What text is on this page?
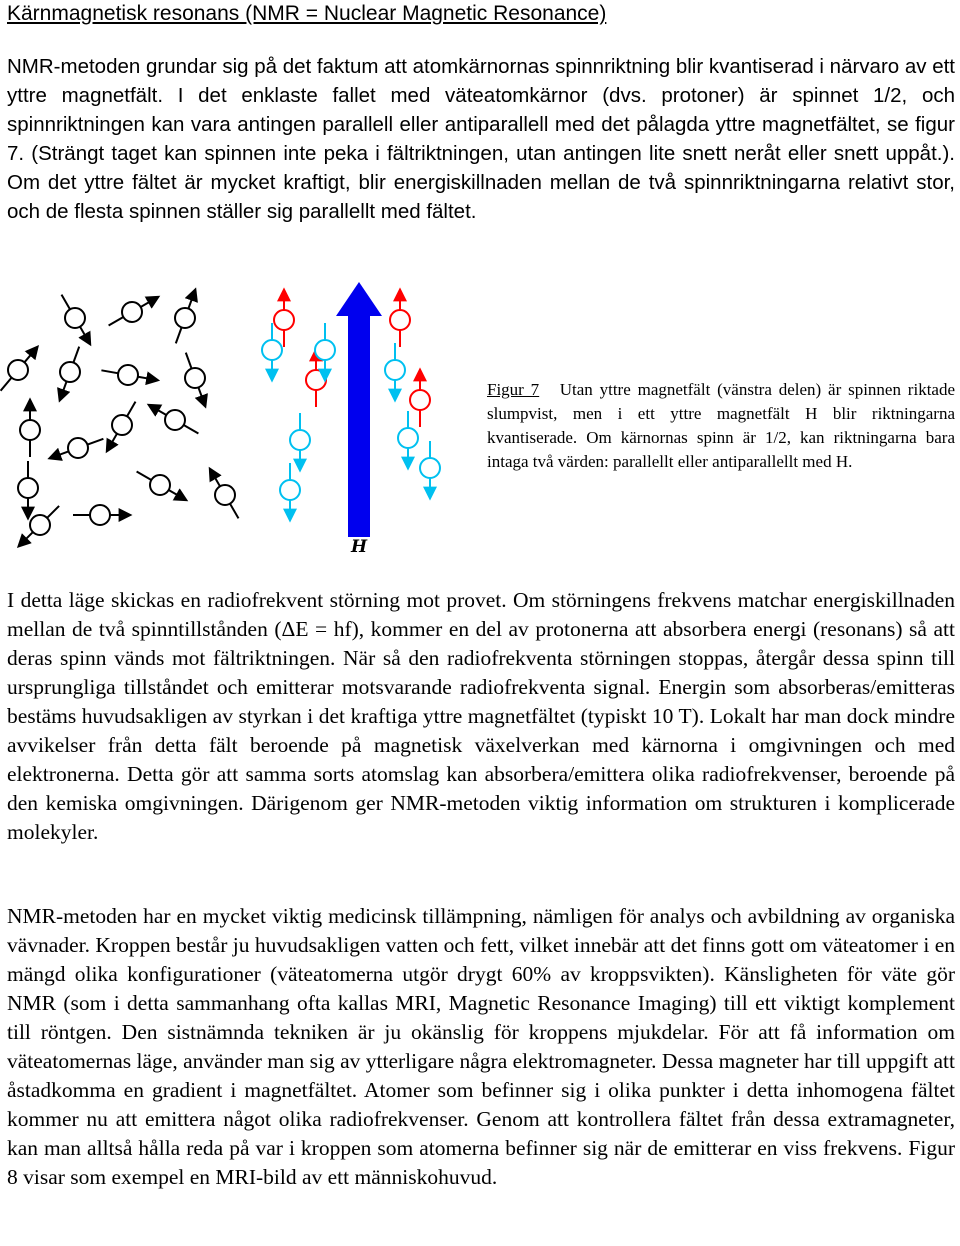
Kärnmagnetisk resonans (NMR = Nuclear Magnetic Resonance)

NMR-metoden grundar sig på det faktum att atomkärnornas spinnriktning blir kvantiserad i närvaro av ett yttre magnetfält. I det enklaste fallet med väteatomkärnor (dvs. protoner) är spinnet 1/2, och spinnriktningen kan vara antingen parallell eller antiparallell med det pålagda yttre magnetfältet, se figur 7. (Strängt taget kan spinnen inte peka i fältriktningen, utan antingen lite snett neråt eller snett uppåt.). Om det yttre fältet är mycket kraftigt, blir energiskillnaden mellan de två spinnriktningarna relativt stor, och de flesta spinnen ställer sig parallellt med fältet.

H

Figur 7 Utan yttre magnetfält (vänstra delen) är spinnen riktade slumpvist, men i ett yttre magnetfält H blir riktningarna kvantiserade. Om kärnornas spinn är 1/2, kan riktningarna bara intaga två värden: parallellt eller antiparallellt med H.

I detta läge skickas en radiofrekvent störning mot provet. Om störningens frekvens matchar energiskillnaden mellan de två spinntillstånden (ΔE = hf), kommer en del av protonerna att absorbera energi (resonans) så att deras spinn vänds mot fältriktningen. När så den radiofrekventa störningen stoppas, återgår dessa spinn till ursprungliga tillståndet och emitterar motsvarande radiofrekventa signal. Energin som absorberas/emitteras bestäms huvudsakligen av styrkan i det kraftiga yttre magnetfältet (typiskt 10 T). Lokalt har man dock mindre avvikelser från detta fält beroende på magnetisk växelverkan med kärnorna i omgivningen och med elektronerna. Detta gör att samma sorts atomslag kan absorbera/emittera olika radiofrekvenser, beroende på den kemiska omgivningen. Därigenom ger NMR-metoden viktig information om strukturen i komplicerade molekyler.

NMR-metoden har en mycket viktig medicinsk tillämpning, nämligen för analys och avbildning av organiska vävnader. Kroppen består ju huvudsakligen vatten och fett, vilket innebär att det finns gott om väteatomer i en mängd olika konfigurationer (väteatomerna utgör drygt 60% av kroppsvikten). Känsligheten för väte gör NMR (som i detta sammanhang ofta kallas MRI, Magnetic Resonance Imaging) till ett viktigt komplement till röntgen. Den sistnämnda tekniken är ju okänslig för kroppens mjukdelar. För att få information om väteatomernas läge, använder man sig av ytterligare några elektromagneter. Dessa magneter har till uppgift att åstadkomma en gradient i magnetfältet. Atomer som befinner sig i olika punkter i detta inhomogena fältet kommer nu att emittera något olika radiofrekvenser. Genom att kontrollera fältet från dessa extramagneter, kan man alltså hålla reda på var i kroppen som atomerna befinner sig när de emitterar en viss frekvens. Figur 8 visar som exempel en MRI-bild av ett människohuvud.
